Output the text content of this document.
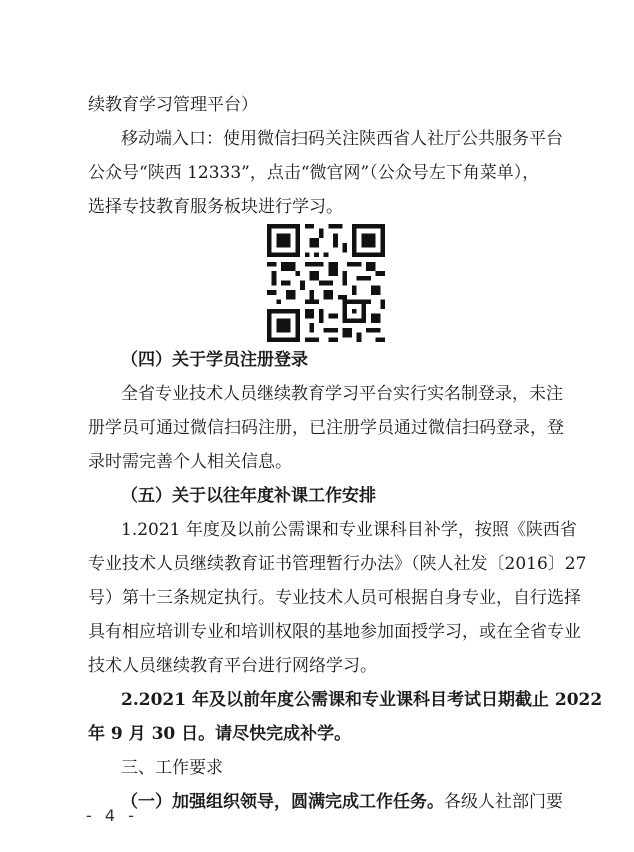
续教育学习管理平台）
移动端入口：使用微信扫码关注陕西省人社厅公共服务平台
公众号“陕西 12333”，点击“微官网”（公众号左下角菜单），
选择专技教育服务板块进行学习。
（四）关于学员注册登录
全省专业技术人员继续教育学习平台实行实名制登录，未注
册学员可通过微信扫码注册，已注册学员通过微信扫码登录，登
录时需完善个人相关信息。
（五）关于以往年度补课工作安排
1.2021 年度及以前公需课和专业课科目补学，按照《陕西省
专业技术人员继续教育证书管理暂行办法》（陕人社发〔2016〕27
号）第十三条规定执行。专业技术人员可根据自身专业，自行选择
具有相应培训专业和培训权限的基地参加面授学习，或在全省专业
技术人员继续教育平台进行网络学习。
2.2021 年及以前年度公需课和专业课科目考试日期截止 2022
年 9 月 30 日。请尽快完成补学。
三、工作要求
（一）加强组织领导，圆满完成工作任务。各级人社部门要
- 4 -
